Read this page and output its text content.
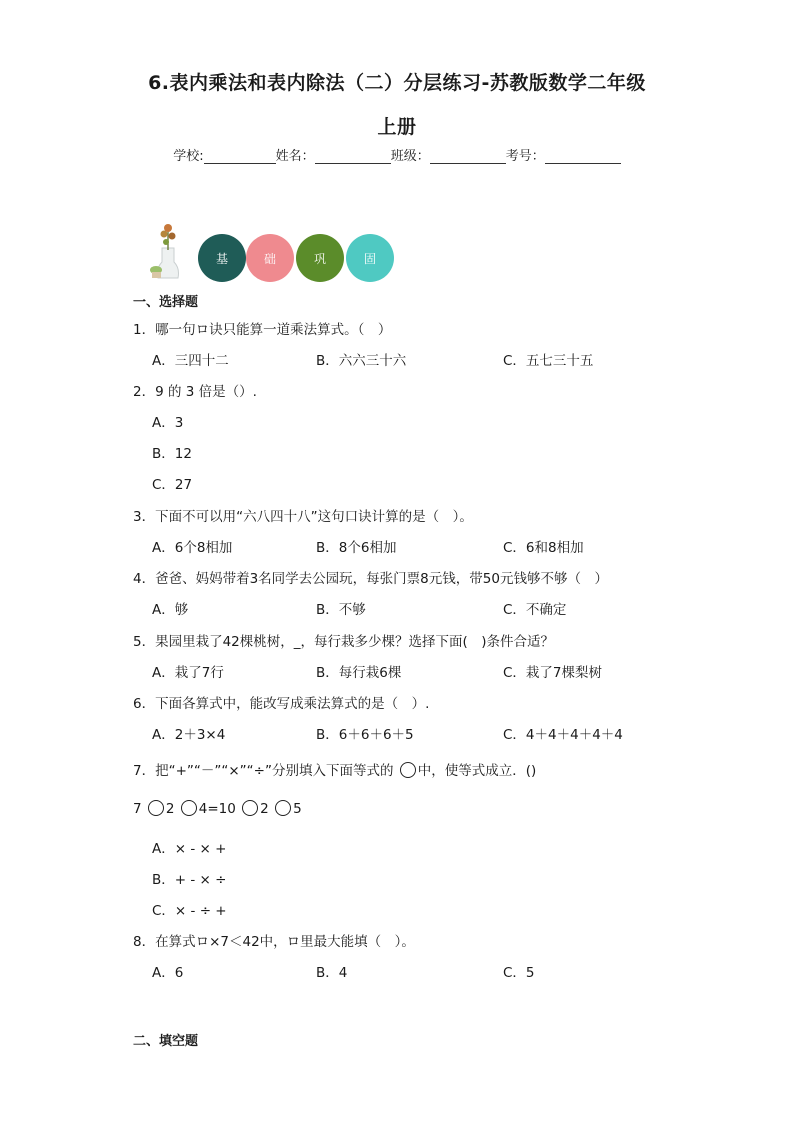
6.表内乘法和表内除法（二）分层练习-苏教版数学二年级
上册
学校:	姓名：	班级：	考号：
基	础	巩	固
一、选择题
1．哪一句ロ诀只能算一道乘法算式。（　）
A．三四十二	B．六六三十六	C．五七三十五
2．9 的 3 倍是（）.
A．3
B．12
C．27
3．下面不可以用“六八四十八”这句口诀计算的是（　）。
A．6个8相加	B．8个6相加	C．6和8相加
4．爸爸、妈妈带着3名同学去公园玩，每张门票8元钱，带50元钱够不够（　）
A．够	B．不够	C．不确定
5．果园里栽了42棵桃树，_，每行栽多少棵？选择下面(　)条件合适？
A．栽了7行	B．每行栽6棵	C．栽了7棵梨树
6．下面各算式中，能改写成乘法算式的是（　）.
A．2＋3×4	B．6＋6＋6＋5	C．4＋4＋4＋4＋4
7．把“+”“－”“×”“÷”分别填入下面等式的 中，使等式成立．()
7 2 4=10 2 5
A．× - × +
B．+ - × ÷
C．× - ÷ +
8．在算式ロ×7＜42中，ロ里最大能填（　）。
A．6	B．4	C．5
二、填空题
